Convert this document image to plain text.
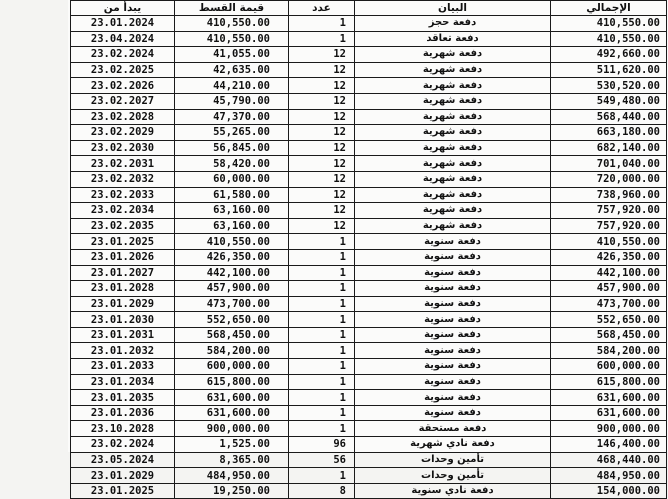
يبدأ من	قيمة القسط	عدد	البيان	الإجمالي
23.01.2024	410,550.00	1	دفعة حجز	410,550.00
23.04.2024	410,550.00	1	دفعة تعاقد	410,550.00
23.02.2024	41,055.00	12	دفعة شهرية	492,660.00
23.02.2025	42,635.00	12	دفعة شهرية	511,620.00
23.02.2026	44,210.00	12	دفعة شهرية	530,520.00
23.02.2027	45,790.00	12	دفعة شهرية	549,480.00
23.02.2028	47,370.00	12	دفعة شهرية	568,440.00
23.02.2029	55,265.00	12	دفعة شهرية	663,180.00
23.02.2030	56,845.00	12	دفعة شهرية	682,140.00
23.02.2031	58,420.00	12	دفعة شهرية	701,040.00
23.02.2032	60,000.00	12	دفعة شهرية	720,000.00
23.02.2033	61,580.00	12	دفعة شهرية	738,960.00
23.02.2034	63,160.00	12	دفعة شهرية	757,920.00
23.02.2035	63,160.00	12	دفعة شهرية	757,920.00
23.01.2025	410,550.00	1	دفعة سنوية	410,550.00
23.01.2026	426,350.00	1	دفعة سنوية	426,350.00
23.01.2027	442,100.00	1	دفعة سنوية	442,100.00
23.01.2028	457,900.00	1	دفعة سنوية	457,900.00
23.01.2029	473,700.00	1	دفعة سنوية	473,700.00
23.01.2030	552,650.00	1	دفعة سنوية	552,650.00
23.01.2031	568,450.00	1	دفعة سنوية	568,450.00
23.01.2032	584,200.00	1	دفعة سنوية	584,200.00
23.01.2033	600,000.00	1	دفعة سنوية	600,000.00
23.01.2034	615,800.00	1	دفعة سنوية	615,800.00
23.01.2035	631,600.00	1	دفعة سنوية	631,600.00
23.01.2036	631,600.00	1	دفعة سنوية	631,600.00
23.10.2028	900,000.00	1	دفعة مستحقة	900,000.00
23.02.2024	1,525.00	96	دفعة نادي شهرية	146,400.00
23.05.2024	8,365.00	56	تأمين وحدات	468,440.00
23.01.2029	484,950.00	1	تأمين وحدات	484,950.00
23.01.2025	19,250.00	8	دفعة نادي سنوية	154,000.00
